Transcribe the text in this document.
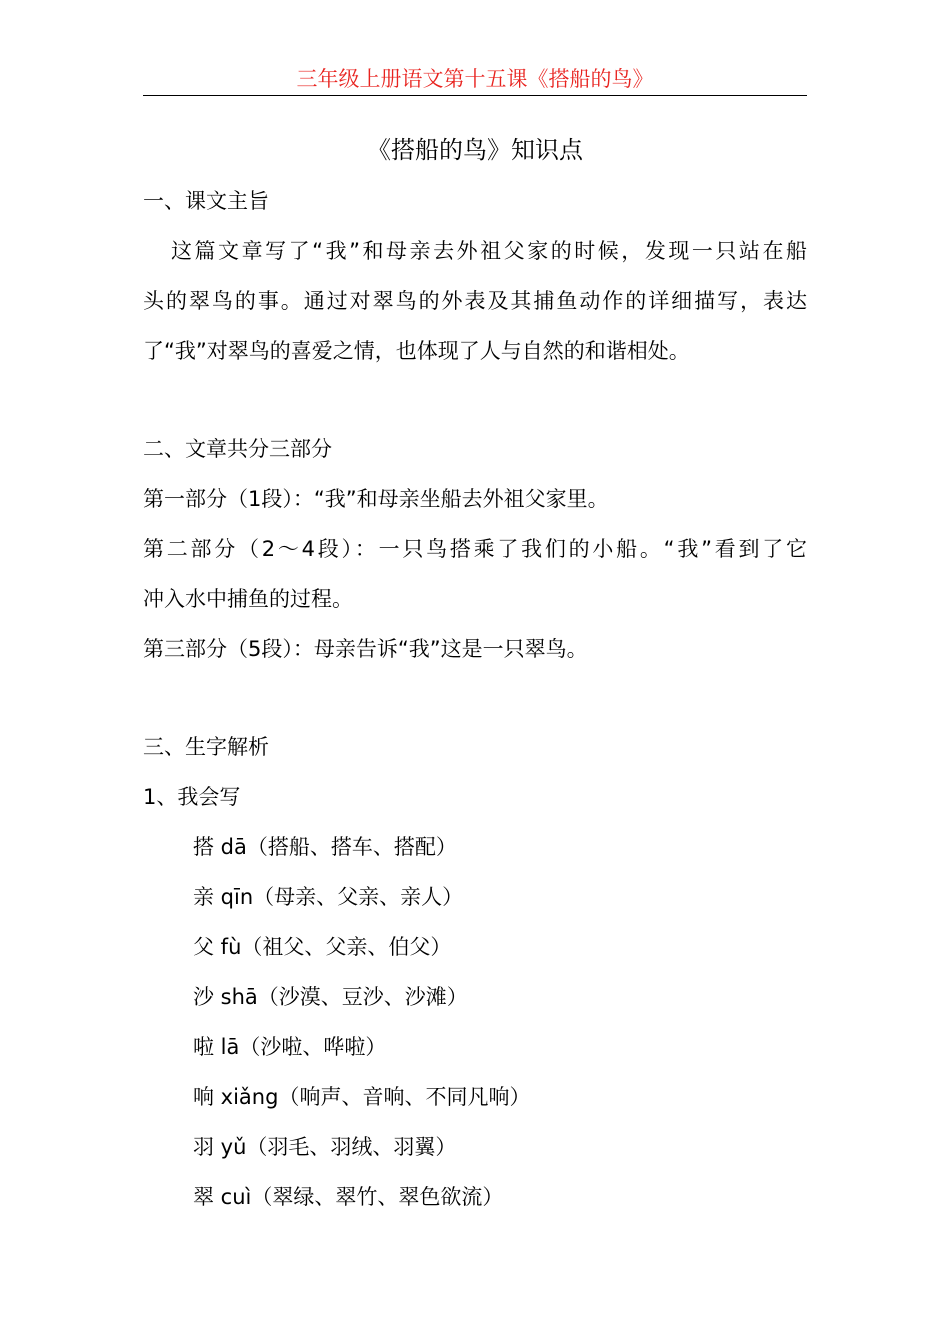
三年级上册语文第十五课《搭船的鸟》
《搭船的鸟》知识点
一、课文主旨
这篇文章写了“我”和母亲去外祖父家的时候，发现一只站在船
头的翠鸟的事。通过对翠鸟的外表及其捕鱼动作的详细描写，表达
了“我”对翠鸟的喜爱之情，也体现了人与自然的和谐相处。
二、文章共分三部分
第一部分（1段）：“我”和母亲坐船去外祖父家里。
第二部分（2～4段）：一只鸟搭乘了我们的小船。“我”看到了它
冲入水中捕鱼的过程。
第三部分（5段）：母亲告诉“我”这是一只翠鸟。
三、生字解析
1、我会写
搭 dā（搭船、搭车、搭配）
亲 qīn（母亲、父亲、亲人）
父 fù（祖父、父亲、伯父）
沙 shā（沙漠、豆沙、沙滩）
啦 lā（沙啦、哗啦）
响 xiǎng（响声、音响、不同凡响）
羽 yǔ（羽毛、羽绒、羽翼）
翠 cuì（翠绿、翠竹、翠色欲流）
